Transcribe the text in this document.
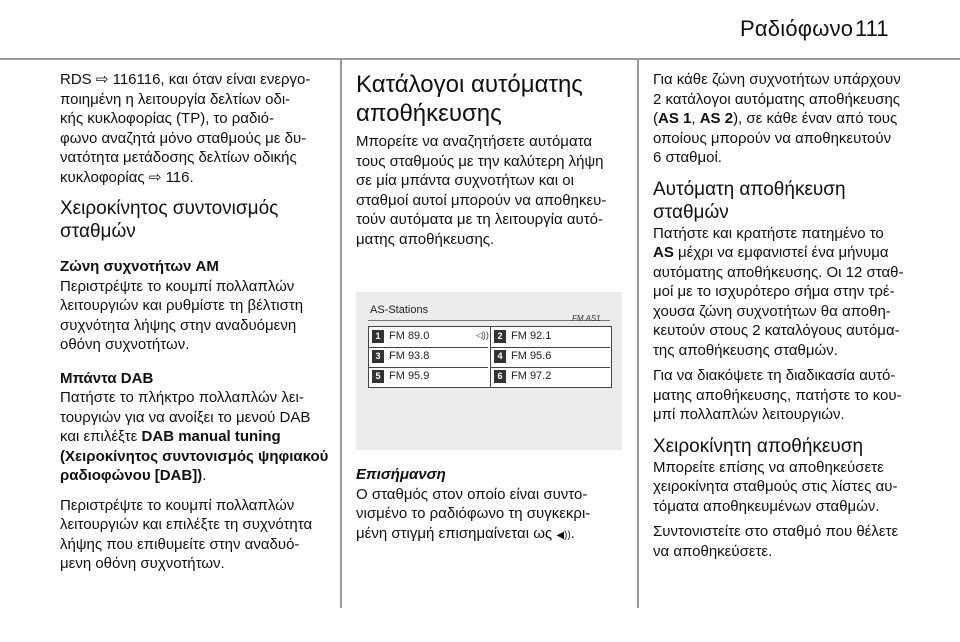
Ραδιόφωνο 111

RDS ⇨ 116116, και όταν είναι ενεργο-
ποιημένη η λειτουργία δελτίων οδι-
κής κυκλοφορίας (TP), το ραδιό-
φωνο αναζητά μόνο σταθμούς με δυ-
νατότητα μετάδοσης δελτίων οδικής
κυκλοφορίας ⇨ 116.

Χειροκίνητος συντονισμός
σταθμών
Ζώνη συχνοτήτων AM

Περιστρέψτε το κουμπί πολλαπλών
λειτουργιών και ρυθμίστε τη βέλτιστη
συχνότητα λήψης στην αναδυόμενη
οθόνη συχνοτήτων.

Μπάντα DAB

Πατήστε το πλήκτρο πολλαπλών λει-
τουργιών για να ανοίξει το μενού DAB
και επιλέξτε DAB manual tuning
(Χειροκίνητος συντονισμός ψηφιακού
ραδιοφώνου [DAB]).

Περιστρέψτε το κουμπί πολλαπλών
λειτουργιών και επιλέξτε τη συχνότητα
λήψης που επιθυμείτε στην αναδυό-
μενη οθόνη συχνοτήτων.

Κατάλογοι αυτόματης
αποθήκευσης

Μπορείτε να αναζητήσετε αυτόματα
τους σταθμούς με την καλύτερη λήψη
σε μία μπάντα συχνοτήτων και οι
σταθμοί αυτοί μπορούν να αποθηκευ-
τούν αυτόματα με τη λειτουργία αυτό-
ματης αποθήκευσης.

AS-Stations
FM AS1
1 FM 89.0	◁)) 2 FM 92.1
3 FM 93.8	4 FM 95.6
5 FM 95.9	6 FM 97.2
Επισήμανση

Ο σταθμός στον οποίο είναι συντο-
νισμένο το ραδιόφωνο τη συγκεκρι-
μένη στιγμή επισημαίνεται ως ◀)).

Για κάθε ζώνη συχνοτήτων υπάρχουν
2 κατάλογοι αυτόματης αποθήκευσης
(AS 1, AS 2), σε κάθε έναν από τους
οποίους μπορούν να αποθηκευτούν
6 σταθμοί.

Αυτόματη αποθήκευση
σταθμών

Πατήστε και κρατήστε πατημένο το
AS μέχρι να εμφανιστεί ένα μήνυμα
αυτόματης αποθήκευσης. Οι 12 σταθ-
μοί με το ισχυρότερο σήμα στην τρέ-
χουσα ζώνη συχνοτήτων θα αποθη-
κευτούν στους 2 καταλόγους αυτόμα-
της αποθήκευσης σταθμών.

Για να διακόψετε τη διαδικασία αυτό-
ματης αποθήκευσης, πατήστε το κου-
μπί πολλαπλών λειτουργιών.

Χειροκίνητη αποθήκευση

Μπορείτε επίσης να αποθηκεύσετε
χειροκίνητα σταθμούς στις λίστες αυ-
τόματα αποθηκευμένων σταθμών.

Συντονιστείτε στο σταθμό που θέλετε
να αποθηκεύσετε.
